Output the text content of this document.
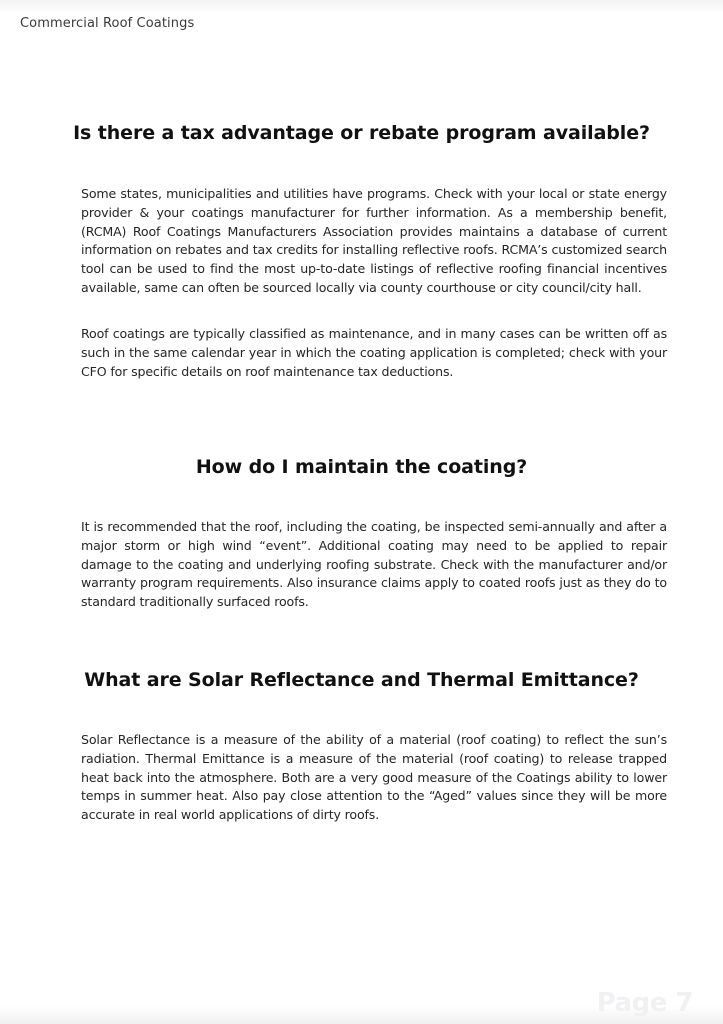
Commercial Roof Coatings
Is there a tax advantage or rebate program available?

Some states, municipalities and utilities have programs. Check with your local or state energy provider & your coatings manufacturer for further information. As a membership benefit, (RCMA) Roof Coatings Manufacturers Association provides maintains a database of current information on rebates and tax credits for installing reflective roofs. RCMA’s customized search tool can be used to find the most up-to-date listings of reflective roofing financial incentives available, same can often be sourced locally via county courthouse or city council/city hall.

Roof coatings are typically classified as maintenance, and in many cases can be written off as such in the same calendar year in which the coating application is completed; check with your CFO for specific details on roof maintenance tax deductions.

How do I maintain the coating?

It is recommended that the roof, including the coating, be inspected semi-annually and after a major storm or high wind “event”. Additional coating may need to be applied to repair damage to the coating and underlying roofing substrate. Check with the manufacturer and/or warranty program requirements. Also insurance claims apply to coated roofs just as they do to standard traditionally surfaced roofs.

What are Solar Reflectance and Thermal Emittance?

Solar Reflectance is a measure of the ability of a material (roof coating) to reflect the sun’s radiation. Thermal Emittance is a measure of the material (roof coating) to release trapped heat back into the atmosphere. Both are a very good measure of the Coatings ability to lower temps in summer heat. Also pay close attention to the “Aged” values since they will be more accurate in real world applications of dirty roofs.

Page 7
